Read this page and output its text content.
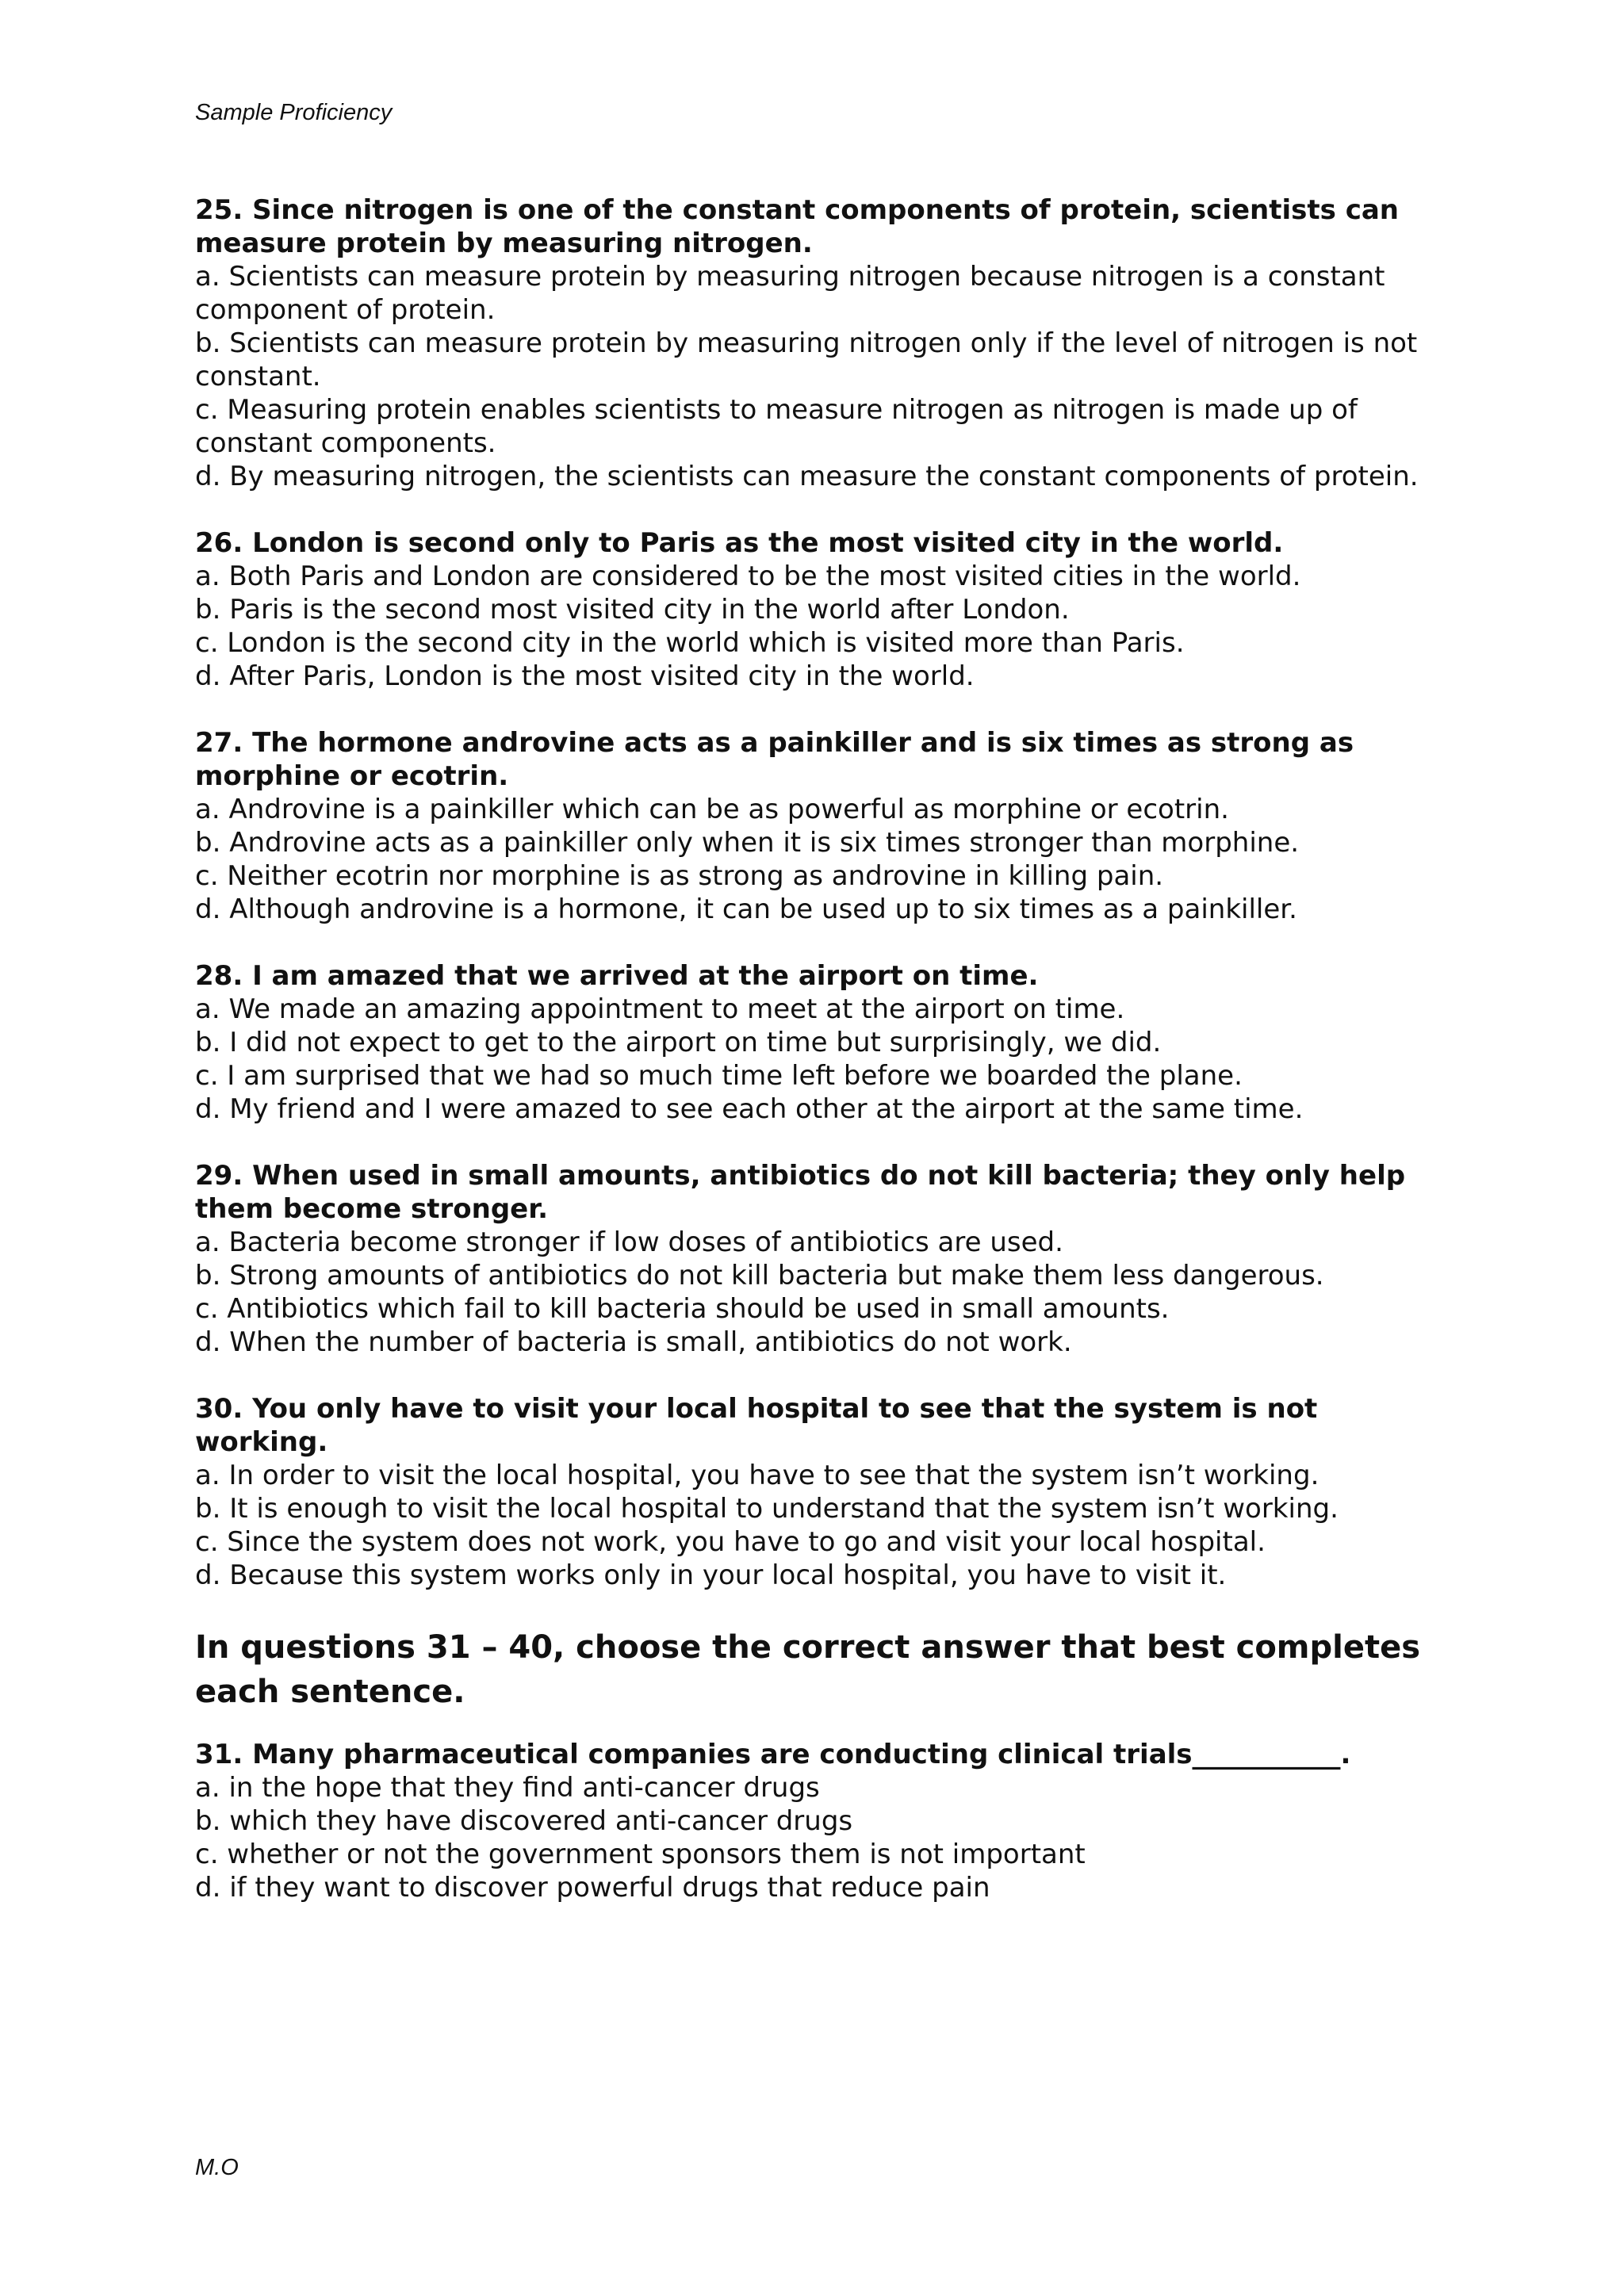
Sample Proficiency
25. Since nitrogen is one of the constant components of protein, scientists can measure protein by measuring nitrogen.
a. Scientists can measure protein by measuring nitrogen because nitrogen is a constant component of protein.
b. Scientists can measure protein by measuring nitrogen only if the level of nitrogen is not constant.
c. Measuring protein enables scientists to measure nitrogen as nitrogen is made up of constant components.
d. By measuring nitrogen, the scientists can measure the constant components of protein.
26. London is second only to Paris as the most visited city in the world.
a. Both Paris and London are considered to be the most visited cities in the world.
b. Paris is the second most visited city in the world after London.
c. London is the second city in the world which is visited more than Paris.
d. After Paris, London is the most visited city in the world.
27. The hormone androvine acts as a painkiller and is six times as strong as morphine or ecotrin.
a. Androvine is a painkiller which can be as powerful as morphine or ecotrin.
b. Androvine acts as a painkiller only when it is six times stronger than morphine.
c. Neither ecotrin nor morphine is as strong as androvine in killing pain.
d. Although androvine is a hormone, it can be used up to six times as a painkiller.
28. I am amazed that we arrived at the airport on time.
a. We made an amazing appointment to meet at the airport on time.
b. I did not expect to get to the airport on time but surprisingly, we did.
c. I am surprised that we had so much time left before we boarded the plane.
d. My friend and I were amazed to see each other at the airport at the same time.
29. When used in small amounts, antibiotics do not kill bacteria; they only help them become stronger.
a. Bacteria become stronger if low doses of antibiotics are used.
b. Strong amounts of antibiotics do not kill bacteria but make them less dangerous.
c. Antibiotics which fail to kill bacteria should be used in small amounts.
d. When the number of bacteria is small, antibiotics do not work.
30. You only have to visit your local hospital to see that the system is not working.
a. In order to visit the local hospital, you have to see that the system isn’t working.
b. It is enough to visit the local hospital to understand that the system isn’t working.
c. Since the system does not work, you have to go and visit your local hospital.
d. Because this system works only in your local hospital, you have to visit it.
In questions 31 – 40, choose the correct answer that best completes each sentence.
31. Many pharmaceutical companies are conducting clinical trials___________.
a. in the hope that they find anti-cancer drugs
b. which they have discovered anti-cancer drugs
c. whether or not the government sponsors them is not important
d. if they want to discover powerful drugs that reduce pain
M.O
